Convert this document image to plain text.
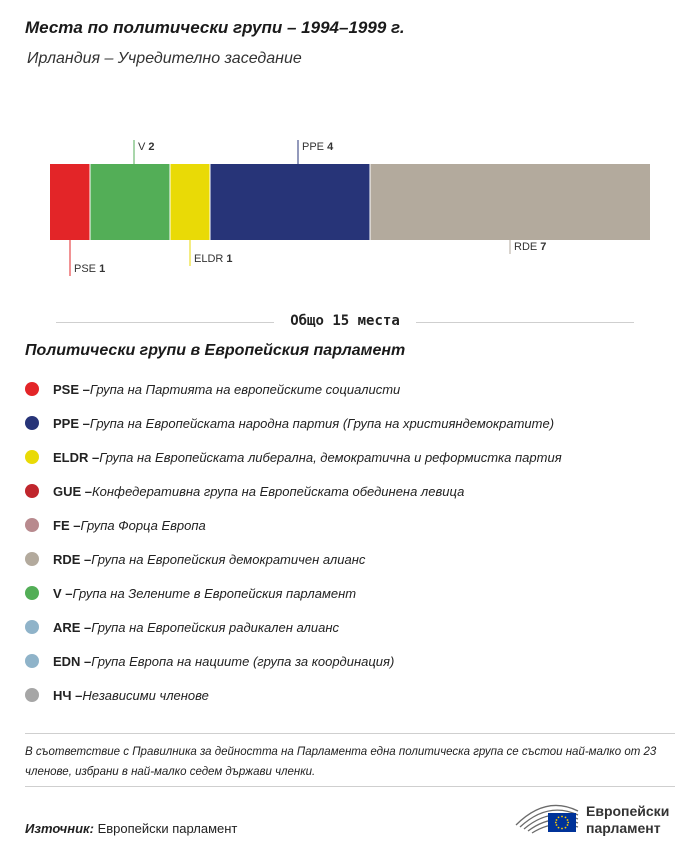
Места по политически групи – 1994–1999 г.
Ирландия – Учредително заседание
PSE 1
V 2
ELDR 1
PPE 4
RDE 7
Общо 15 места
Политически групи в Европейския парламент
PSE – Група на Партията на европейските социалисти
PPE – Група на Европейската народна партия (Група на християндемократите)
ELDR – Група на Европейската либерална, демократична и реформистка партия
GUE – Конфедеративна група на Европейската обединена левица
FE – Група Форца Европа
RDE – Група на Европейския демократичен алианс
V – Група на Зелените в Европейския парламент
ARE – Група на Европейския радикален алианс
EDN – Група Европа на нациите (група за координация)
НЧ – Независими членове
В съответствие с Правилника за дейността на Парламента една политическа група се състои най-малко от 23 членове, избрани в най-малко седем държави членки.
Източник: Европейски парламент
Европейски
парламент
